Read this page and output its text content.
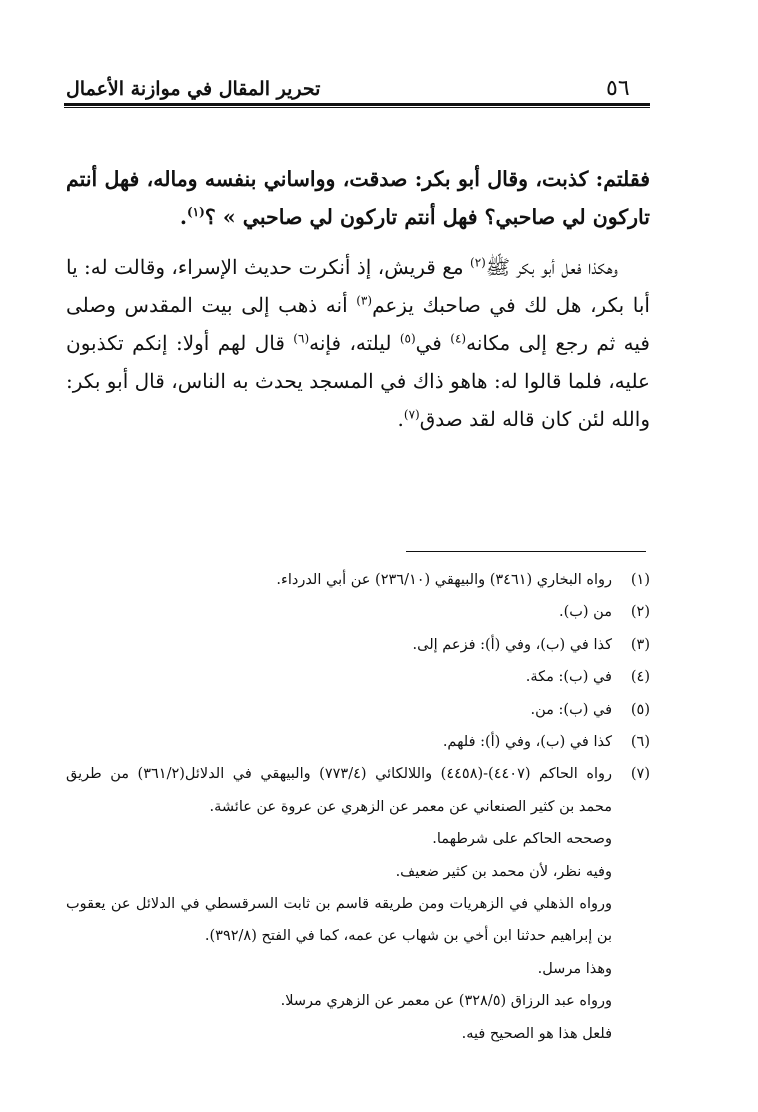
٥٦
تحرير المقال في موازنة الأعمال

فقلتم: كذبت، وقال أبو بكر: صدقت، وواساني بنفسه وماله، فهل أنتم تاركون لي صاحبي؟ فهل أنتم تاركون لي صاحبي » ؟$^{(١)}$.

وهكذا فعل أبو بكر ﷺ$^{(٢)}$ مع قريش، إذ أنكرت حديث الإسراء، وقالت له: يا أبا بكر، هل لك في صاحبك يزعم$^{(٣)}$ أنه ذهب إلى بيت المقدس وصلى فيه ثم رجع إلى مكانه$^{(٤)}$ في$^{(٥)}$ ليلته، فإنه$^{(٦)}$ قال لهم أولا: إنكم تكذبون عليه، فلما قالوا له: هاهو ذاك في المسجد يحدث به الناس، قال أبو بكر: والله لئن كان قاله لقد صدق$^{(٧)}$.

(١)
رواه البخاري (٣٤٦١) والبيهقي (٢٣٦/١٠) عن أبي الدرداء.
(٢)
من (ب).
(٣)
كذا في (ب)، وفي (أ): فزعم إلى.
(٤)
في (ب): مكة.
(٥)
في (ب): من.
(٦)
كذا في (ب)، وفي (أ): فلهم.
(٧)
رواه الحاكم (٤٤٠٧)-(٤٤٥٨) واللالكائي (٧٧٣/٤) والبيهقي في الدلائل(٣٦١/٢) من طريق محمد بن كثير الصنعاني عن معمر عن الزهري عن عروة عن عائشة.
وصححه الحاكم على شرطهما.
وفيه نظر، لأن محمد بن كثير ضعيف.
ورواه الذهلي في الزهريات ومن طريقه قاسم بن ثابت السرقسطي في الدلائل عن يعقوب بن إبراهيم حدثنا ابن أخي بن شهاب عن عمه، كما في الفتح (٣٩٢/٨).
وهذا مرسل.
ورواه عبد الرزاق (٣٢٨/٥) عن معمر عن الزهري مرسلا.
فلعل هذا هو الصحيح فيه.
